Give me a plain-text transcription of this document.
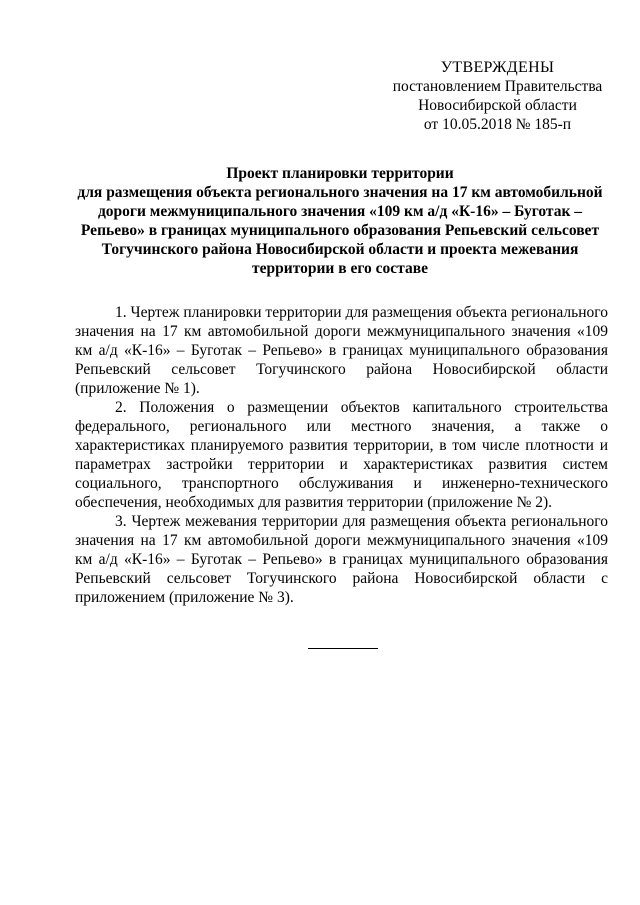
УТВЕРЖДЕНЫ
постановлением Правительства
Новосибирской области
от 10.05.2018 № 185-п
Проект планировки территории
для размещения объекта регионального значения на 17 км автомобильной
дороги межмуниципального значения «109 км а/д «К-16» – Буготак –
Репьево» в границах муниципального образования Репьевский сельсовет
Тогучинского района Новосибирской области и проекта межевания
территории в его составе

1. Чертеж планировки территории для размещения объекта регионального значения на 17 км автомобильной дороги межмуниципального значения «109 км а/д «К-16» – Буготак – Репьево» в границах муниципального образования Репьевский сельсовет Тогучинского района Новосибирской области (приложение № 1).

2. Положения о размещении объектов капитального строительства федерального, регионального или местного значения, а также о характеристиках планируемого развития территории, в том числе плотности и параметрах застройки территории и характеристиках развития систем социального, транспортного обслуживания и инженерно-технического обеспечения, необходимых для развития территории (приложение № 2).

3. Чертеж межевания территории для размещения объекта регионального значения на 17 км автомобильной дороги межмуниципального значения «109 км а/д «К-16» – Буготак – Репьево» в границах муниципального образования Репьевский сельсовет Тогучинского района Новосибирской области с приложением (приложение № 3).
